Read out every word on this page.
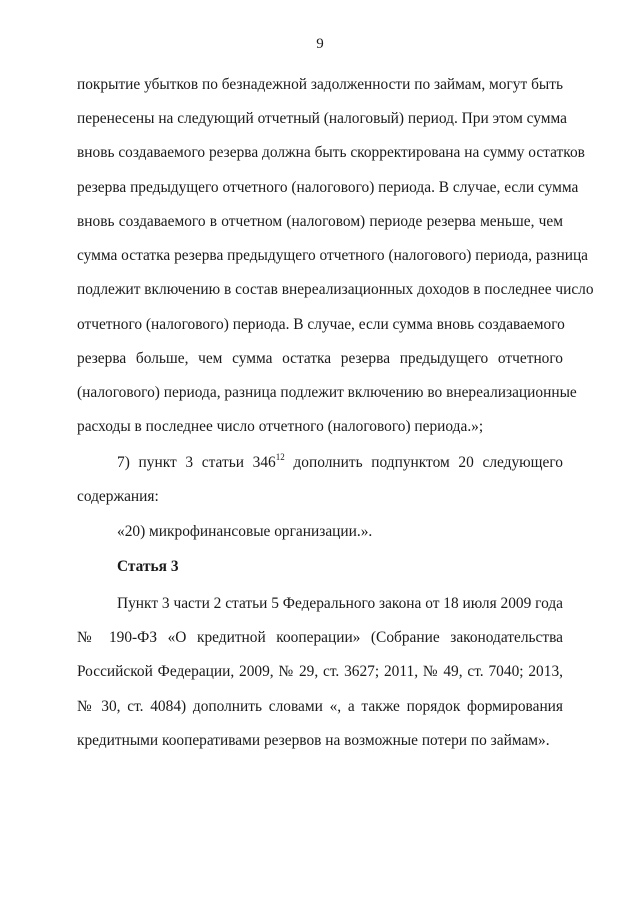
9
покрытие убытков по безнадежной задолженности по займам, могут быть
перенесены на следующий отчетный (налоговый) период. При этом сумма
вновь создаваемого резерва должна быть скорректирована на сумму остатков
резерва предыдущего отчетного (налогового) периода. В случае, если сумма
вновь создаваемого в отчетном (налоговом) периоде резерва меньше, чем
сумма остатка резерва предыдущего отчетного (налогового) периода, разница
подлежит включению в состав внереализационных доходов в последнее число
отчетного (налогового) периода. В случае, если сумма вновь создаваемого
резерва больше, чем сумма остатка резерва предыдущего отчетного
(налогового) периода, разница подлежит включению во внереализационные
расходы в последнее число отчетного (налогового) периода.»;
7) пункт 3 статьи $346^{12}$ дополнить подпунктом 20 следующего
содержания:
«20) микрофинансовые организации.».
Статья 3
Пункт 3 части 2 статьи 5 Федерального закона от 18 июля 2009 года
№ 190-ФЗ «О кредитной кооперации» (Собрание законодательства
Российской Федерации, 2009, № 29, ст. 3627; 2011, № 49, ст. 7040; 2013,
№ 30, ст. 4084) дополнить словами «, а также порядок формирования
кредитными кооперативами резервов на возможные потери по займам».
